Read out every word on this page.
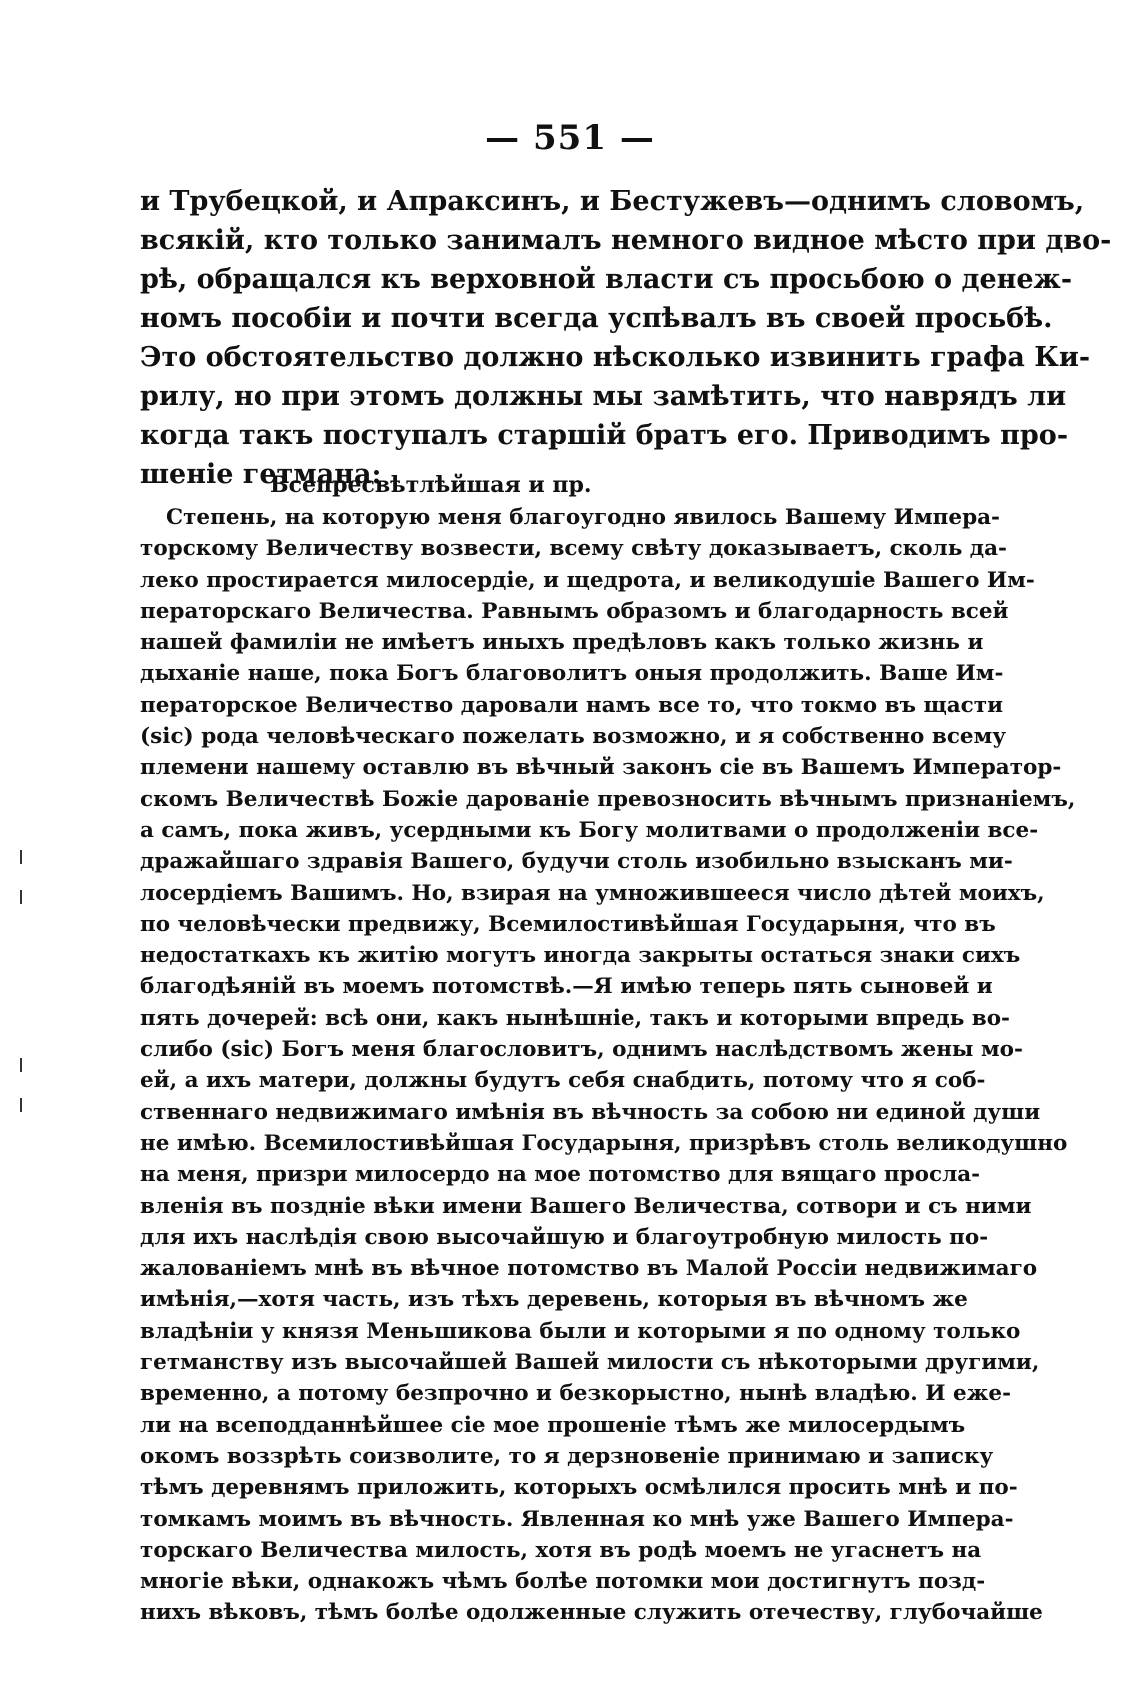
— 551 —
и Трубецкой, и Апраксинъ, и Бестужевъ—однимъ словомъ,
всякій, кто только занималъ немного видное мѣсто при дво-
рѣ, обращался къ верховной власти съ просьбою о денеж-
номъ пособіи и почти всегда успѣвалъ въ своей просьбѣ.
Это обстоятельство должно нѣсколько извинить графа Ки-
рилу, но при этомъ должны мы замѣтить, что наврядъ ли
когда такъ поступалъ старшій братъ его. Приводимъ про-
шеніе гетмана:
Всепресвѣтлѣйшая и пр.
Степень, на которую меня благоугодно явилось Вашему Импера-
торскому Величеству возвести, всему свѣту доказываетъ, сколь да-
леко простирается милосердіе, и щедрота, и великодушіе Вашего Им-
ператорскаго Величества. Равнымъ образомъ и благодарность всей
нашей фамиліи не имѣетъ иныхъ предѣловъ какъ только жизнь и
дыханіе наше, пока Богъ благоволитъ оныя продолжить. Ваше Им-
ператорское Величество даровали намъ все то, что токмо въ щасти
(sic) рода человѣческаго пожелать возможно, и я собственно всему
племени нашему оставлю въ вѣчный законъ сіе въ Вашемъ Император-
скомъ Величествѣ Божіе дарованіе превозносить вѣчнымъ признаніемъ,
а самъ, пока живъ, усердными къ Богу молитвами о продолженіи все-
дражайшаго здравія Вашего, будучи столь изобильно взысканъ ми-
лосердіемъ Вашимъ. Но, взирая на умножившееся число дѣтей моихъ,
по человѣчески предвижу, Всемилостивѣйшая Государыня, что въ
недостаткахъ къ житію могутъ иногда закрыты остаться знаки сихъ
благодѣяній въ моемъ потомствѣ.—Я имѣю теперь пять сыновей и
пять дочерей: всѣ они, какъ нынѣшніе, такъ и которыми впредь во-
слибо (sic) Богъ меня благословитъ, однимъ наслѣдствомъ жены мо-
ей, а ихъ матери, должны будутъ себя снабдить, потому что я соб-
ственнаго недвижимаго имѣнія въ вѣчность за собою ни единой души
не имѣю. Всемилостивѣйшая Государыня, призрѣвъ столь великодушно
на меня, призри милосердо на мое потомство для вящаго просла-
вленія въ поздніе вѣки имени Вашего Величества, сотвори и съ ними
для ихъ наслѣдія свою высочайшую и благоутробную милость по-
жалованіемъ мнѣ въ вѣчное потомство въ Малой Россіи недвижимаго
имѣнія,—хотя часть, изъ тѣхъ деревень, которыя въ вѣчномъ же
владѣніи у князя Меньшикова были и которыми я по одному только
гетманству изъ высочайшей Вашей милости съ нѣкоторыми другими,
временно, а потому безпрочно и безкорыстно, нынѣ владѣю. И еже-
ли на всеподданнѣйшее сіе мое прошеніе тѣмъ же милосердымъ
окомъ воззрѣть соизволите, то я дерзновеніе принимаю и записку
тѣмъ деревнямъ приложить, которыхъ осмѣлился просить мнѣ и по-
томкамъ моимъ въ вѣчность. Явленная ко мнѣ уже Вашего Импера-
торскаго Величества милость, хотя въ родѣ моемъ не угаснетъ на
многіе вѣки, однакожъ чѣмъ болѣе потомки мои достигнутъ позд-
нихъ вѣковъ, тѣмъ болѣе одолженные служить отечеству, глубочайше
